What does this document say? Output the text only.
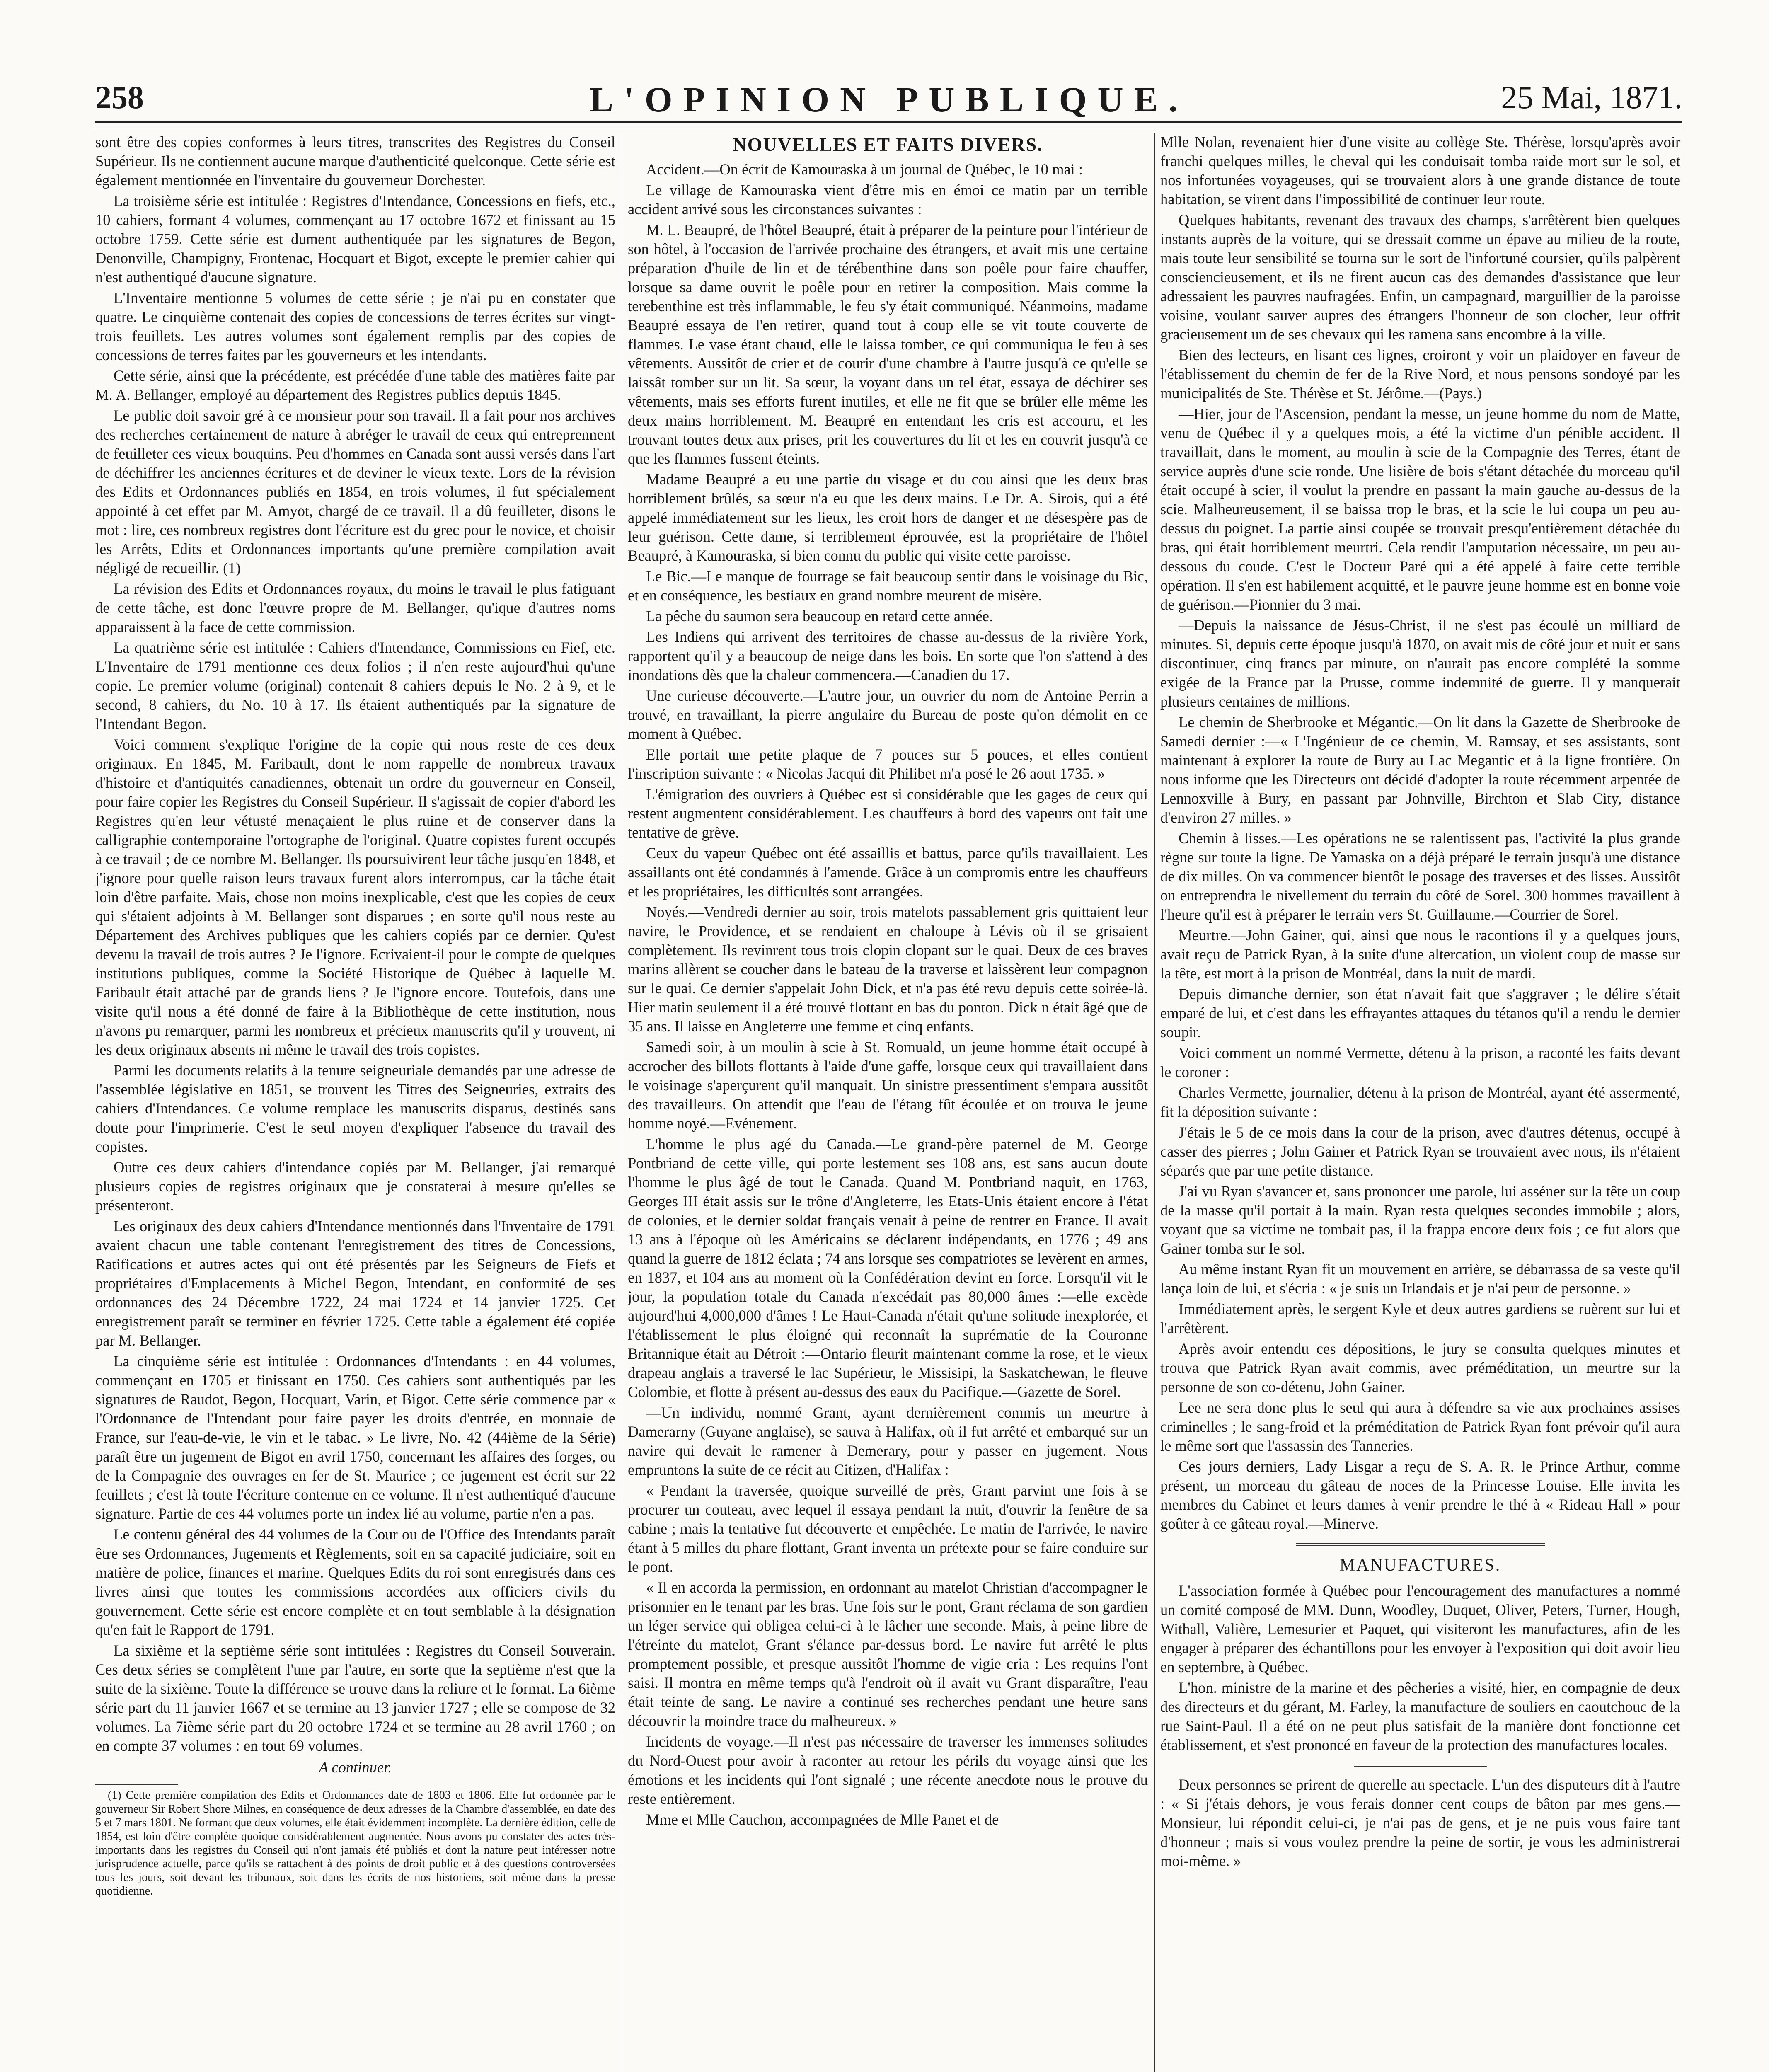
258	L'OPINION PUBLIQUE.	25 Mai, 1871.

sont être des copies conformes à leurs titres, transcrites des Registres du Conseil Supérieur. Ils ne contiennent aucune marque d'authenticité quelconque. Cette série est également mentionnée en l'inventaire du gouverneur Dorchester.

La troisième série est intitulée : Registres d'Intendance, Concessions en fiefs, etc., 10 cahiers, formant 4 volumes, commençant au 17 octobre 1672 et finissant au 15 octobre 1759. Cette série est dument authentiquée par les signatures de Begon, Denonville, Champigny, Frontenac, Hocquart et Bigot, excepte le premier cahier qui n'est authentiqué d'aucune signature.

L'Inventaire mentionne 5 volumes de cette série ; je n'ai pu en constater que quatre. Le cinquième contenait des copies de concessions de terres écrites sur vingt-trois feuillets. Les autres volumes sont également remplis par des copies de concessions de terres faites par les gouverneurs et les intendants.

Cette série, ainsi que la précédente, est précédée d'une table des matières faite par M. A. Bellanger, employé au département des Registres publics depuis 1845.

Le public doit savoir gré à ce monsieur pour son travail. Il a fait pour nos archives des recherches certainement de nature à abréger le travail de ceux qui entreprennent de feuilleter ces vieux bouquins. Peu d'hommes en Canada sont aussi versés dans l'art de déchiffrer les anciennes écritures et de deviner le vieux texte. Lors de la révision des Edits et Ordonnances publiés en 1854, en trois volumes, il fut spécialement appointé à cet effet par M. Amyot, chargé de ce travail. Il a dû feuilleter, disons le mot : lire, ces nombreux registres dont l'écriture est du grec pour le novice, et choisir les Arrêts, Edits et Ordonnances importants qu'une première compilation avait négligé de recueillir. (1)

La révision des Edits et Ordonnances royaux, du moins le travail le plus fatiguant de cette tâche, est donc l'œuvre propre de M. Bellanger, qu'ique d'autres noms apparaissent à la face de cette commission.

La quatrième série est intitulée : Cahiers d'Intendance, Commissions en Fief, etc. L'Inventaire de 1791 mentionne ces deux folios ; il n'en reste aujourd'hui qu'une copie. Le premier volume (original) contenait 8 cahiers depuis le No. 2 à 9, et le second, 8 cahiers, du No. 10 à 17. Ils étaient authentiqués par la signature de l'Intendant Begon.

Voici comment s'explique l'origine de la copie qui nous reste de ces deux originaux. En 1845, M. Faribault, dont le nom rappelle de nombreux travaux d'histoire et d'antiquités canadiennes, obtenait un ordre du gouverneur en Conseil, pour faire copier les Registres du Conseil Supérieur. Il s'agissait de copier d'abord les Registres qu'en leur vétusté menaçaient le plus ruine et de conserver dans la calligraphie contemporaine l'ortographe de l'original. Quatre copistes furent occupés à ce travail ; de ce nombre M. Bellanger. Ils poursuivirent leur tâche jusqu'en 1848, et j'ignore pour quelle raison leurs travaux furent alors interrompus, car la tâche était loin d'être parfaite. Mais, chose non moins inexplicable, c'est que les copies de ceux qui s'étaient adjoints à M. Bellanger sont disparues ; en sorte qu'il nous reste au Département des Archives publiques que les cahiers copiés par ce dernier. Qu'est devenu la travail de trois autres ? Je l'ignore. Ecrivaient-il pour le compte de quelques institutions publiques, comme la Société Historique de Québec à laquelle M. Faribault était attaché par de grands liens ? Je l'ignore encore. Toutefois, dans une visite qu'il nous a été donné de faire à la Bibliothèque de cette institution, nous n'avons pu remarquer, parmi les nombreux et précieux manuscrits qu'il y trouvent, ni les deux originaux absents ni même le travail des trois copistes.

Parmi les documents relatifs à la tenure seigneuriale demandés par une adresse de l'assemblée législative en 1851, se trouvent les Titres des Seigneuries, extraits des cahiers d'Intendances. Ce volume remplace les manuscrits disparus, destinés sans doute pour l'imprimerie. C'est le seul moyen d'expliquer l'absence du travail des copistes.

Outre ces deux cahiers d'intendance copiés par M. Bellanger, j'ai remarqué plusieurs copies de registres originaux que je constaterai à mesure qu'elles se présenteront.

Les originaux des deux cahiers d'Intendance mentionnés dans l'Inventaire de 1791 avaient chacun une table contenant l'enregistrement des titres de Concessions, Ratifications et autres actes qui ont été présentés par les Seigneurs de Fiefs et propriétaires d'Emplacements à Michel Begon, Intendant, en conformité de ses ordonnances des 24 Décembre 1722, 24 mai 1724 et 14 janvier 1725. Cet enregistrement paraît se terminer en février 1725. Cette table a également été copiée par M. Bellanger.

La cinquième série est intitulée : Ordonnances d'Intendants : en 44 volumes, commençant en 1705 et finissant en 1750. Ces cahiers sont authentiqués par les signatures de Raudot, Begon, Hocquart, Varin, et Bigot. Cette série commence par « l'Ordonnance de l'Intendant pour faire payer les droits d'entrée, en monnaie de France, sur l'eau-de-vie, le vin et le tabac. » Le livre, No. 42 (44ième de la Série) paraît être un jugement de Bigot en avril 1750, concernant les affaires des forges, ou de la Compagnie des ouvrages en fer de St. Maurice ; ce jugement est écrit sur 22 feuillets ; c'est là toute l'écriture contenue en ce volume. Il n'est authentiqué d'aucune signature. Partie de ces 44 volumes porte un index lié au volume, partie n'en a pas.

Le contenu général des 44 volumes de la Cour ou de l'Office des Intendants paraît être ses Ordonnances, Jugements et Règlements, soit en sa capacité judiciaire, soit en matière de police, finances et marine. Quelques Edits du roi sont enregistrés dans ces livres ainsi que toutes les commissions accordées aux officiers civils du gouvernement. Cette série est encore complète et en tout semblable à la désignation qu'en fait le Rapport de 1791.

La sixième et la septième série sont intitulées : Registres du Conseil Souverain. Ces deux séries se complètent l'une par l'autre, en sorte que la septième n'est que la suite de la sixième. Toute la différence se trouve dans la reliure et le format. La 6ième série part du 11 janvier 1667 et se termine au 13 janvier 1727 ; elle se compose de 32 volumes. La 7ième série part du 20 octobre 1724 et se termine au 28 avril 1760 ; on en compte 37 volumes : en tout 69 volumes.

A continuer.

(1) Cette première compilation des Edits et Ordonnances date de 1803 et 1806. Elle fut ordonnée par le gouverneur Sir Robert Shore Milnes, en conséquence de deux adresses de la Chambre d'assemblée, en date des 5 et 7 mars 1801. Ne formant que deux volumes, elle était évidemment incomplète. La dernière édition, celle de 1854, est loin d'être complète quoique considérablement augmentée. Nous avons pu constater des actes très-importants dans les registres du Conseil qui n'ont jamais été publiés et dont la nature peut intéresser notre jurisprudence actuelle, parce qu'ils se rattachent à des points de droit public et à des questions controversées tous les jours, soit devant les tribunaux, soit dans les écrits de nos historiens, soit même dans la presse quotidienne.

NOUVELLES ET FAITS DIVERS.

Accident.—On écrit de Kamouraska à un journal de Québec, le 10 mai :

Le village de Kamouraska vient d'être mis en émoi ce matin par un terrible accident arrivé sous les circonstances suivantes :

M. L. Beaupré, de l'hôtel Beaupré, était à préparer de la peinture pour l'intérieur de son hôtel, à l'occasion de l'arrivée prochaine des étrangers, et avait mis une certaine préparation d'huile de lin et de térébenthine dans son poêle pour faire chauffer, lorsque sa dame ouvrit le poêle pour en retirer la composition. Mais comme la terebenthine est très inflammable, le feu s'y était communiqué. Néanmoins, madame Beaupré essaya de l'en retirer, quand tout à coup elle se vit toute couverte de flammes. Le vase étant chaud, elle le laissa tomber, ce qui communiqua le feu à ses vêtements. Aussitôt de crier et de courir d'une chambre à l'autre jusqu'à ce qu'elle se laissât tomber sur un lit. Sa sœur, la voyant dans un tel état, essaya de déchirer ses vêtements, mais ses efforts furent inutiles, et elle ne fit que se brûler elle même les deux mains horriblement. M. Beaupré en entendant les cris est accouru, et les trouvant toutes deux aux prises, prit les couvertures du lit et les en couvrit jusqu'à ce que les flammes fussent éteints.

Madame Beaupré a eu une partie du visage et du cou ainsi que les deux bras horriblement brûlés, sa sœur n'a eu que les deux mains. Le Dr. A. Sirois, qui a été appelé immédiatement sur les lieux, les croit hors de danger et ne désespère pas de leur guérison. Cette dame, si terriblement éprouvée, est la propriétaire de l'hôtel Beaupré, à Kamouraska, si bien connu du public qui visite cette paroisse.

Le Bic.—Le manque de fourrage se fait beaucoup sentir dans le voisinage du Bic, et en conséquence, les bestiaux en grand nombre meurent de misère.

La pêche du saumon sera beaucoup en retard cette année.

Les Indiens qui arrivent des territoires de chasse au-dessus de la rivière York, rapportent qu'il y a beaucoup de neige dans les bois. En sorte que l'on s'attend à des inondations dès que la chaleur commencera.—Canadien du 17.

Une curieuse découverte.—L'autre jour, un ouvrier du nom de Antoine Perrin a trouvé, en travaillant, la pierre angulaire du Bureau de poste qu'on démolit en ce moment à Québec.

Elle portait une petite plaque de 7 pouces sur 5 pouces, et elles contient l'inscription suivante : « Nicolas Jacqui dit Philibet m'a posé le 26 aout 1735. »

L'émigration des ouvriers à Québec est si considérable que les gages de ceux qui restent augmentent considérablement. Les chauffeurs à bord des vapeurs ont fait une tentative de grève.

Ceux du vapeur Québec ont été assaillis et battus, parce qu'ils travaillaient. Les assaillants ont été condamnés à l'amende. Grâce à un compromis entre les chauffeurs et les propriétaires, les difficultés sont arrangées.

Noyés.—Vendredi dernier au soir, trois matelots passablement gris quittaient leur navire, le Providence, et se rendaient en chaloupe à Lévis où il se grisaient complètement. Ils revinrent tous trois clopin clopant sur le quai. Deux de ces braves marins allèrent se coucher dans le bateau de la traverse et laissèrent leur compagnon sur le quai. Ce dernier s'appelait John Dick, et n'a pas été revu depuis cette soirée-là. Hier matin seulement il a été trouvé flottant en bas du ponton. Dick n était âgé que de 35 ans. Il laisse en Angleterre une femme et cinq enfants.

Samedi soir, à un moulin à scie à St. Romuald, un jeune homme était occupé à accrocher des billots flottants à l'aide d'une gaffe, lorsque ceux qui travaillaient dans le voisinage s'aperçurent qu'il manquait. Un sinistre pressentiment s'empara aussitôt des travailleurs. On attendit que l'eau de l'étang fût écoulée et on trouva le jeune homme noyé.—Evénement.

L'homme le plus agé du Canada.—Le grand-père paternel de M. George Pontbriand de cette ville, qui porte lestement ses 108 ans, est sans aucun doute l'homme le plus âgé de tout le Canada. Quand M. Pontbriand naquit, en 1763, Georges III était assis sur le trône d'Angleterre, les Etats-Unis étaient encore à l'état de colonies, et le dernier soldat français venait à peine de rentrer en France. Il avait 13 ans à l'époque où les Américains se déclarent indépendants, en 1776 ; 49 ans quand la guerre de 1812 éclata ; 74 ans lorsque ses compatriotes se levèrent en armes, en 1837, et 104 ans au moment où la Confédération devint en force. Lorsqu'il vit le jour, la population totale du Canada n'excédait pas 80,000 âmes :—elle excède aujourd'hui 4,000,000 d'âmes ! Le Haut-Canada n'était qu'une solitude inexplorée, et l'établissement le plus éloigné qui reconnaît la suprématie de la Couronne Britannique était au Détroit :—Ontario fleurit maintenant comme la rose, et le vieux drapeau anglais a traversé le lac Supérieur, le Missisipi, la Saskatchewan, le fleuve Colombie, et flotte à présent au-dessus des eaux du Pacifique.—Gazette de Sorel.

—Un individu, nommé Grant, ayant dernièrement commis un meurtre à Damerarny (Guyane anglaise), se sauva à Halifax, où il fut arrêté et embarqué sur un navire qui devait le ramener à Demerary, pour y passer en jugement. Nous empruntons la suite de ce récit au Citizen, d'Halifax :

« Pendant la traversée, quoique surveillé de près, Grant parvint une fois à se procurer un couteau, avec lequel il essaya pendant la nuit, d'ouvrir la fenêtre de sa cabine ; mais la tentative fut découverte et empêchée. Le matin de l'arrivée, le navire étant à 5 milles du phare flottant, Grant inventa un prétexte pour se faire conduire sur le pont.

« Il en accorda la permission, en ordonnant au matelot Christian d'accompagner le prisonnier en le tenant par les bras. Une fois sur le pont, Grant réclama de son gardien un léger service qui obligea celui-ci à le lâcher une seconde. Mais, à peine libre de l'étreinte du matelot, Grant s'élance par-dessus bord. Le navire fut arrêté le plus promptement possible, et presque aussitôt l'homme de vigie cria : Les requins l'ont saisi. Il montra en même temps qu'à l'endroit où il avait vu Grant disparaître, l'eau était teinte de sang. Le navire a continué ses recherches pendant une heure sans découvrir la moindre trace du malheureux. »

Incidents de voyage.—Il n'est pas nécessaire de traverser les immenses solitudes du Nord-Ouest pour avoir à raconter au retour les périls du voyage ainsi que les émotions et les incidents qui l'ont signalé ; une récente anecdote nous le prouve du reste entièrement.

Mme et Mlle Cauchon, accompagnées de Mlle Panet et de

Mlle Nolan, revenaient hier d'une visite au collège Ste. Thérèse, lorsqu'après avoir franchi quelques milles, le cheval qui les conduisait tomba raide mort sur le sol, et nos infortunées voyageuses, qui se trouvaient alors à une grande distance de toute habitation, se virent dans l'impossibilité de continuer leur route.

Quelques habitants, revenant des travaux des champs, s'arrêtèrent bien quelques instants auprès de la voiture, qui se dressait comme un épave au milieu de la route, mais toute leur sensibilité se tourna sur le sort de l'infortuné coursier, qu'ils palpèrent consciencieusement, et ils ne firent aucun cas des demandes d'assistance que leur adressaient les pauvres naufragées. Enfin, un campagnard, marguillier de la paroisse voisine, voulant sauver aupres des étrangers l'honneur de son clocher, leur offrit gracieusement un de ses chevaux qui les ramena sans encombre à la ville.

Bien des lecteurs, en lisant ces lignes, croiront y voir un plaidoyer en faveur de l'établissement du chemin de fer de la Rive Nord, et nous pensons sondoyé par les municipalités de Ste. Thérèse et St. Jérôme.—(Pays.)

—Hier, jour de l'Ascension, pendant la messe, un jeune homme du nom de Matte, venu de Québec il y a quelques mois, a été la victime d'un pénible accident. Il travaillait, dans le moment, au moulin à scie de la Compagnie des Terres, étant de service auprès d'une scie ronde. Une lisière de bois s'étant détachée du morceau qu'il était occupé à scier, il voulut la prendre en passant la main gauche au-dessus de la scie. Malheureusement, il se baissa trop le bras, et la scie le lui coupa un peu au-dessus du poignet. La partie ainsi coupée se trouvait presqu'entièrement détachée du bras, qui était horriblement meurtri. Cela rendit l'amputation nécessaire, un peu au-dessous du coude. C'est le Docteur Paré qui a été appelé à faire cette terrible opération. Il s'en est habilement acquitté, et le pauvre jeune homme est en bonne voie de guérison.—Pionnier du 3 mai.

—Depuis la naissance de Jésus-Christ, il ne s'est pas écoulé un milliard de minutes. Si, depuis cette époque jusqu'à 1870, on avait mis de côté jour et nuit et sans discontinuer, cinq francs par minute, on n'aurait pas encore complété la somme exigée de la France par la Prusse, comme indemnité de guerre. Il y manquerait plusieurs centaines de millions.

Le chemin de Sherbrooke et Mégantic.—On lit dans la Gazette de Sherbrooke de Samedi dernier :—« L'Ingénieur de ce chemin, M. Ramsay, et ses assistants, sont maintenant à explorer la route de Bury au Lac Megantic et à la ligne frontière. On nous informe que les Directeurs ont décidé d'adopter la route récemment arpentée de Lennoxville à Bury, en passant par Johnville, Birchton et Slab City, distance d'environ 27 milles. »

Chemin à lisses.—Les opérations ne se ralentissent pas, l'activité la plus grande règne sur toute la ligne. De Yamaska on a déjà préparé le terrain jusqu'à une distance de dix milles. On va commencer bientôt le posage des traverses et des lisses. Aussitôt on entreprendra le nivellement du terrain du côté de Sorel. 300 hommes travaillent à l'heure qu'il est à préparer le terrain vers St. Guillaume.—Courrier de Sorel.

Meurtre.—John Gainer, qui, ainsi que nous le racontions il y a quelques jours, avait reçu de Patrick Ryan, à la suite d'une altercation, un violent coup de masse sur la tête, est mort à la prison de Montréal, dans la nuit de mardi.

Depuis dimanche dernier, son état n'avait fait que s'aggraver ; le délire s'était emparé de lui, et c'est dans les effrayantes attaques du tétanos qu'il a rendu le dernier soupir.

Voici comment un nommé Vermette, détenu à la prison, a raconté les faits devant le coroner :

Charles Vermette, journalier, détenu à la prison de Montréal, ayant été assermenté, fit la déposition suivante :

J'étais le 5 de ce mois dans la cour de la prison, avec d'autres détenus, occupé à casser des pierres ; John Gainer et Patrick Ryan se trouvaient avec nous, ils n'étaient séparés que par une petite distance.

J'ai vu Ryan s'avancer et, sans prononcer une parole, lui asséner sur la tête un coup de la masse qu'il portait à la main. Ryan resta quelques secondes immobile ; alors, voyant que sa victime ne tombait pas, il la frappa encore deux fois ; ce fut alors que Gainer tomba sur le sol.

Au même instant Ryan fit un mouvement en arrière, se débarrassa de sa veste qu'il lança loin de lui, et s'écria : « je suis un Irlandais et je n'ai peur de personne. »

Immédiatement après, le sergent Kyle et deux autres gardiens se ruèrent sur lui et l'arrêtèrent.

Après avoir entendu ces dépositions, le jury se consulta quelques minutes et trouva que Patrick Ryan avait commis, avec préméditation, un meurtre sur la personne de son co-détenu, John Gainer.

Lee ne sera donc plus le seul qui aura à défendre sa vie aux prochaines assises criminelles ; le sang-froid et la préméditation de Patrick Ryan font prévoir qu'il aura le même sort que l'assassin des Tanneries.

Ces jours derniers, Lady Lisgar a reçu de S. A. R. le Prince Arthur, comme présent, un morceau du gâteau de noces de la Princesse Louise. Elle invita les membres du Cabinet et leurs dames à venir prendre le thé à « Rideau Hall » pour goûter à ce gâteau royal.—Minerve.

MANUFACTURES.

L'association formée à Québec pour l'encouragement des manufactures a nommé un comité composé de MM. Dunn, Woodley, Duquet, Oliver, Peters, Turner, Hough, Withall, Valière, Lemesurier et Paquet, qui visiteront les manufactures, afin de les engager à préparer des échantillons pour les envoyer à l'exposition qui doit avoir lieu en septembre, à Québec.

L'hon. ministre de la marine et des pêcheries a visité, hier, en compagnie de deux des directeurs et du gérant, M. Farley, la manufacture de souliers en caoutchouc de la rue Saint-Paul. Il a été on ne peut plus satisfait de la manière dont fonctionne cet établissement, et s'est prononcé en faveur de la protection des manufactures locales.

Deux personnes se prirent de querelle au spectacle. L'un des disputeurs dit à l'autre : « Si j'étais dehors, je vous ferais donner cent coups de bâton par mes gens.—Monsieur, lui répondit celui-ci, je n'ai pas de gens, et je ne puis vous faire tant d'honneur ; mais si vous voulez prendre la peine de sortir, je vous les administrerai moi-même. »
